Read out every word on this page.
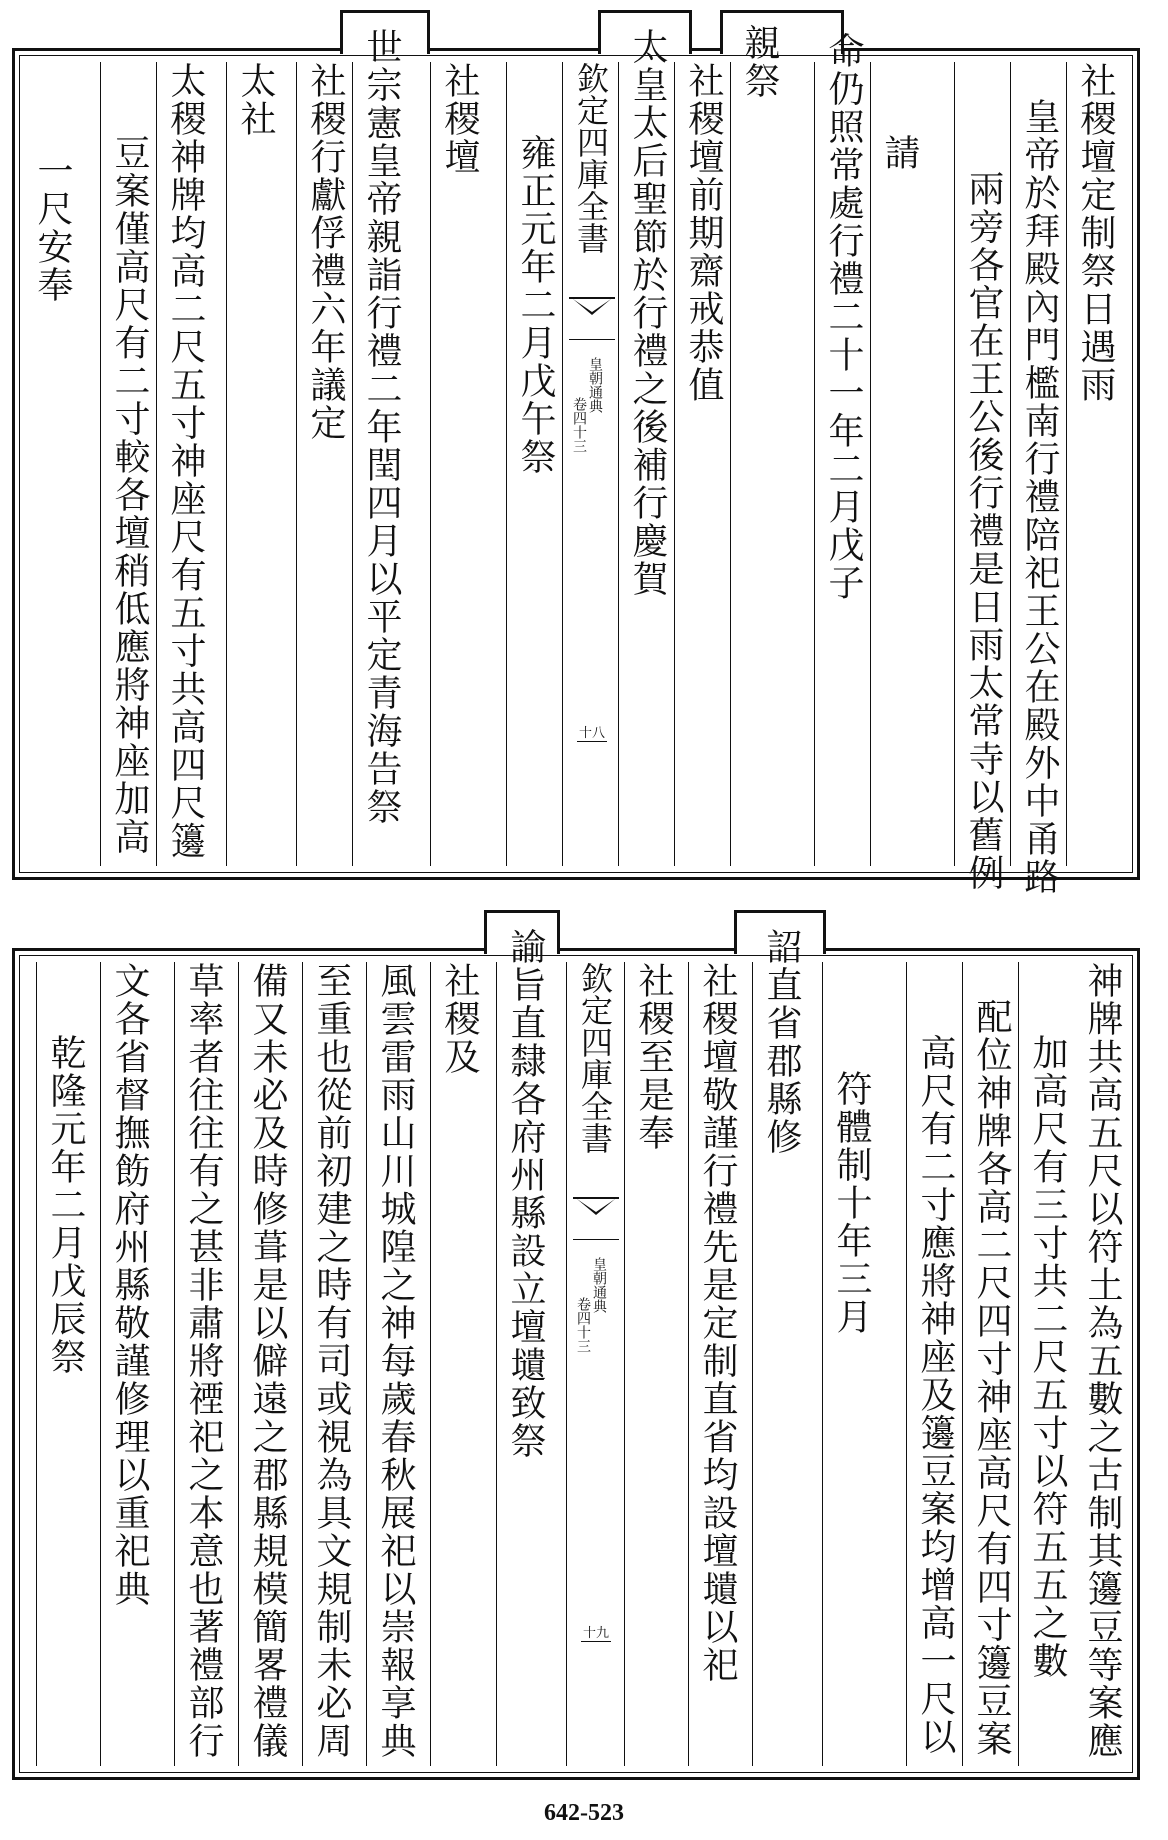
社稷壇定制祭日遇雨
皇帝於拜殿內門檻南行禮陪祀王公在殿外中甬路
兩旁各官在王公後行禮是日雨太常寺以舊例
請
命仍照常處行禮二十一年二月戊子
親祭
社稷壇前期齋戒恭值
太皇太后聖節於行禮之後補行慶賀
欽定四庫全書
皇朝通典
卷四十三
十八
雍正元年二月戊午祭
社稷壇
世宗憲皇帝親詣行禮二年閏四月以平定青海告祭
社稷行獻俘禮六年議定
太社
太稷神牌均高二尺五寸神座尺有五寸共高四尺籩
豆案僅高尺有二寸較各壇稍低應將神座加高
一尺安奉
神牌共高五尺以符土為五數之古制其籩豆等案應
加高尺有三寸共二尺五寸以符五五之數
配位神牌各高二尺四寸神座高尺有四寸籩豆案
高尺有二寸應將神座及籩豆案均增高一尺以
符體制十年三月
詔直省郡縣修
社稷壇敬謹行禮先是定制直省均設壇壝以祀
社稷至是奉
欽定四庫全書
皇朝通典
卷四十三
十九
諭旨直隸各府州縣設立壇壝致祭
社稷及
風雲雷雨山川城隍之神每歲春秋展祀以崇報享典
至重也從前初建之時有司或視為具文規制未必周
備又未必及時修葺是以僻遠之郡縣規模簡畧禮儀
草率者往往有之甚非肅將禋祀之本意也著禮部行
文各省督撫飭府州縣敬謹修理以重祀典
乾隆元年二月戊辰祭
642-523
